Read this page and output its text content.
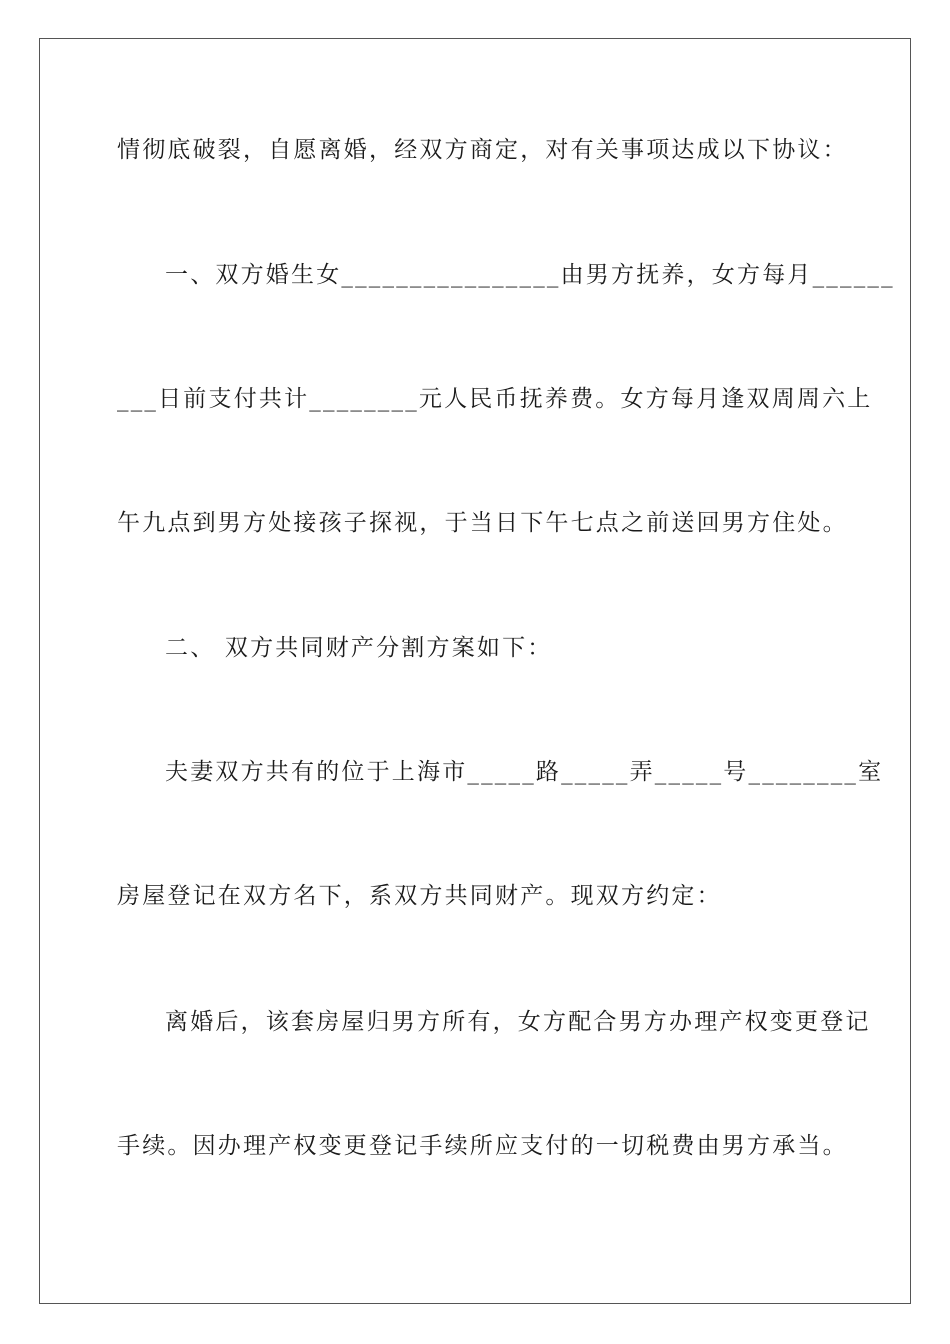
情彻底破裂，自愿离婚，经双方商定，对有关事项达成以下协议：
一、双方婚生女________________由男方抚养，女方每月______
___日前支付共计________元人民币抚养费。女方每月逢双周周六上
午九点到男方处接孩子探视，于当日下午七点之前送回男方住处。
二、 双方共同财产分割方案如下：
夫妻双方共有的位于上海市_____路_____弄_____号________室
房屋登记在双方名下，系双方共同财产。现双方约定：
离婚后，该套房屋归男方所有，女方配合男方办理产权变更登记
手续。因办理产权变更登记手续所应支付的一切税费由男方承当。
